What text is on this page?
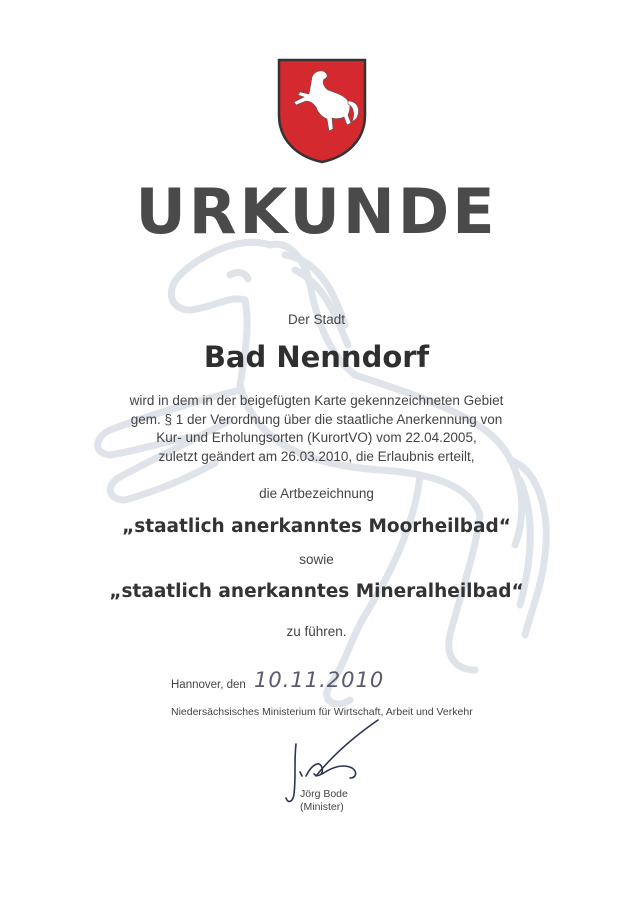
URKUNDE
Der Stadt
Bad Nenndorf
wird in dem in der beigefügten Karte gekennzeichneten Gebiet
gem. § 1 der Verordnung über die staatliche Anerkennung von
Kur- und Erholungsorten (KurortVO) vom 22.04.2005,
zuletzt geändert am 26.03.2010, die Erlaubnis erteilt,
die Artbezeichnung
„staatlich anerkanntes Moorheilbad“
sowie
„staatlich anerkanntes Mineralheilbad“
zu führen.
Hannover, den 10.11.2010
Niedersächsisches Ministerium für Wirtschaft, Arbeit und Verkehr
Jörg Bode
(Minister)
